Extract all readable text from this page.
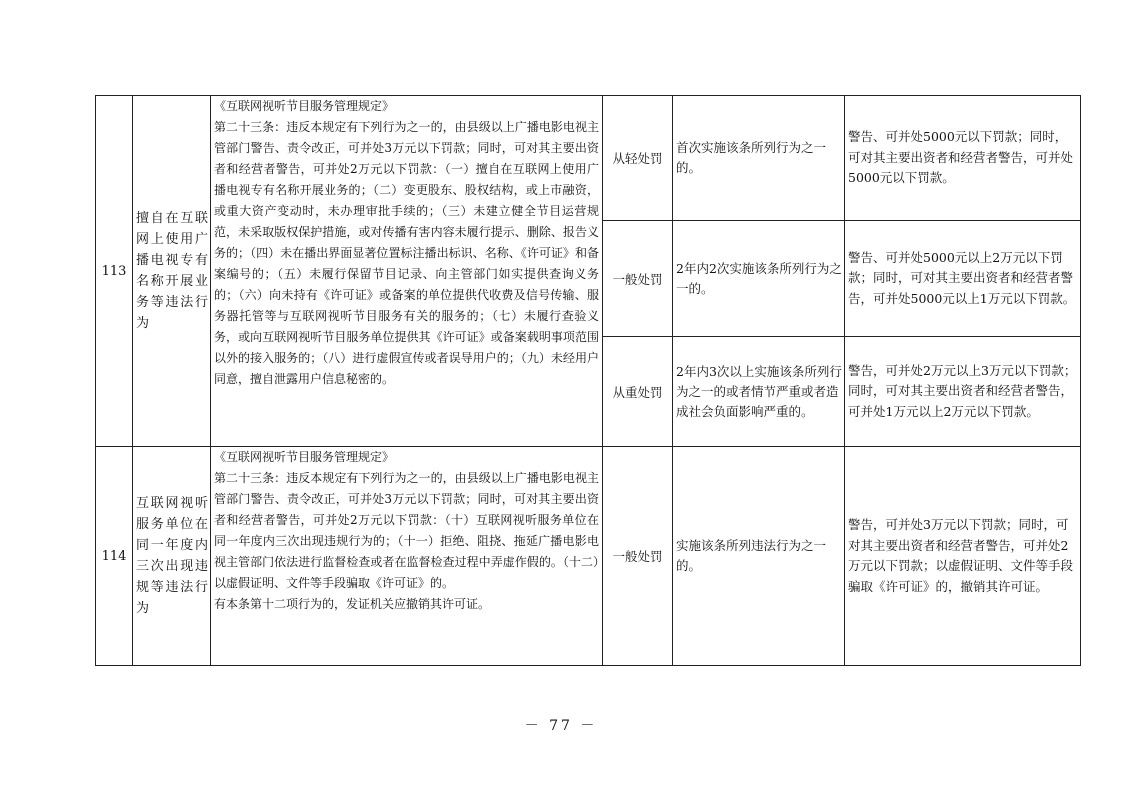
113	擅自在互联网上使用广播电视专有名称开展业务等违法行为	《互联网视听节目服务管理规定》
第二十三条：违反本规定有下列行为之一的，由县级以上广播电影电视主管部门警告、责令改正，可并处3万元以下罚款；同时，可对其主要出资者和经营者警告，可并处2万元以下罚款：（一）擅自在互联网上使用广播电视专有名称开展业务的；（二）变更股东、股权结构，或上市融资，或重大资产变动时，未办理审批手续的；（三）未建立健全节目运营规范，未采取版权保护措施，或对传播有害内容未履行提示、删除、报告义务的；（四）未在播出界面显著位置标注播出标识、名称、《许可证》和备案编号的；（五）未履行保留节目记录、向主管部门如实提供查询义务的；（六）向未持有《许可证》或备案的单位提供代收费及信号传输、服务器托管等与互联网视听节目服务有关的服务的；（七）未履行查验义务，或向互联网视听节目服务单位提供其《许可证》或备案载明事项范围以外的接入服务的；（八）进行虚假宣传或者误导用户的；（九）未经用户同意，擅自泄露用户信息秘密的。	从轻处罚	首次实施该条所列行为之一的。	警告、可并处5000元以下罚款；同时，可对其主要出资者和经营者警告，可并处5000元以下罚款。
			一般处罚	2年内2次实施该条所列行为之一的。	警告、可并处5000元以上2万元以下罚款；同时，可对其主要出资者和经营者警告，可并处5000元以上1万元以下罚款。
			从重处罚	2年内3次以上实施该条所列行为之一的或者情节严重或者造成社会负面影响严重的。	警告，可并处2万元以上3万元以下罚款；同时，可对其主要出资者和经营者警告，可并处1万元以上2万元以下罚款。
114	互联网视听服务单位在同一年度内三次出现违规等违法行为	《互联网视听节目服务管理规定》
第二十三条：违反本规定有下列行为之一的，由县级以上广播电影电视主管部门警告、责令改正，可并处3万元以下罚款；同时，可对其主要出资者和经营者警告，可并处2万元以下罚款：（十）互联网视听服务单位在同一年度内三次出现违规行为的；（十一）拒绝、阻挠、拖延广播电影电视主管部门依法进行监督检查或者在监督检查过程中弄虚作假的。（十二）以虚假证明、文件等手段骗取《许可证》的。
有本条第十二项行为的，发证机关应撤销其许可证。	一般处罚	实施该条所列违法行为之一的。	警告，可并处3万元以下罚款；同时，可对其主要出资者和经营者警告，可并处2万元以下罚款；以虚假证明、文件等手段骗取《许可证》的，撤销其许可证。
－ 77 －
